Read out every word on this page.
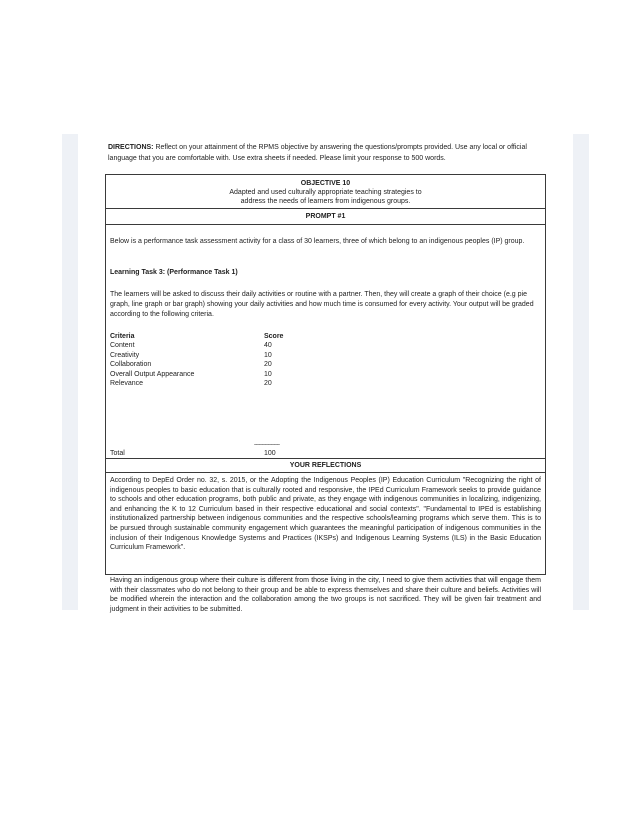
DIRECTIONS: Reflect on your attainment of the RPMS objective by answering the questions/prompts provided. Use any local or official language that you are comfortable with. Use extra sheets if needed. Please limit your response to 500 words.
OBJECTIVE 10
Adapted and used culturally appropriate teaching strategies to
address the needs of learners from indigenous groups.
PROMPT #1
Below is a performance task assessment activity for a class of 30 learners, three of which belong to an indigenous peoples (IP) group.
Learning Task 3: (Performance Task 1)
The learners will be asked to discuss their daily activities or routine with a partner. Then, they will create a graph of their choice (e.g pie graph, line graph or bar graph) showing your daily activities and how much time is consumed for every activity. Your output will be graded according to the following criteria.
Criteria	Score
Content	40
Creativity	10
Collaboration	20
Overall Output Appearance	10
Relevance	20
-----------------
Total	100
YOUR REFLECTIONS
According to DepEd Order no. 32, s. 2015, or the Adopting the Indigenous Peoples (IP) Education Curriculum "Recognizing the right of indigenous peoples to basic education that is culturally rooted and responsive, the IPEd Curriculum Framework seeks to provide guidance to schools and other education programs, both public and private, as they engage with indigenous communities in localizing, indigenizing, and enhancing the K to 12 Curriculum based in their respective educational and social contexts". "Fundamental to IPEd is establishing institutionalized partnership between indigenous communities and the respective schools/learning programs which serve them. This is to be pursued through sustainable community engagement which guarantees the meaningful participation of indigenous communities in the inclusion of their Indigenous Knowledge Systems and Practices (IKSPs) and Indigenous Learning Systems (ILS) in the Basic Education Curriculum Framework".
Having an indigenous group where their culture is different from those living in the city, I need to give them activities that will engage them with their classmates who do not belong to their group and be able to express themselves and share their culture and beliefs. Activities will be modified wherein the interaction and the collaboration among the two groups is not sacrificed. They will be given fair treatment and judgment in their activities to be submitted.
